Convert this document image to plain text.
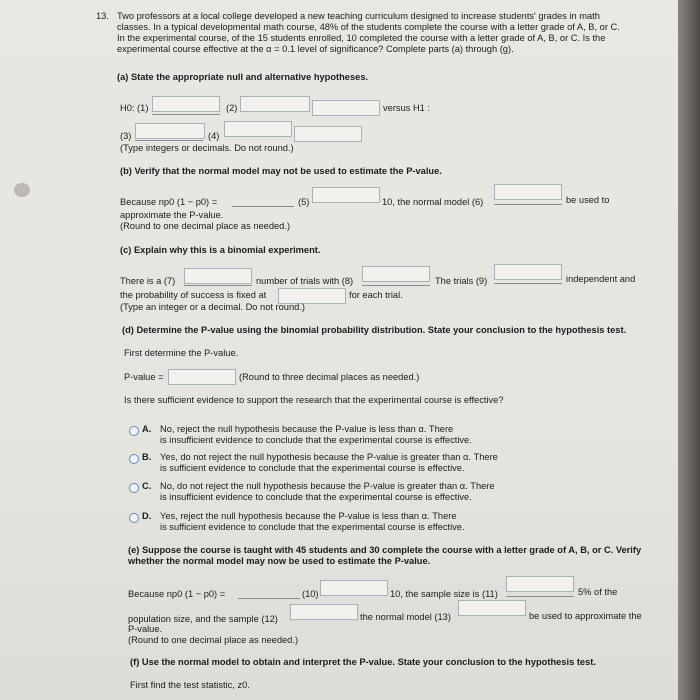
13. Two professors at a local college developed a new teaching curriculum designed to increase students' grades in math
classes. In a typical developmental math course, 48% of the students complete the course with a letter grade of A, B, or C.
In the experimental course, of the 15 students enrolled, 10 completed the course with a letter grade of A, B, or C. Is the
experimental course effective at the α = 0.1 level of significance? Complete parts (a) through (g).
(a) State the appropriate null and alternative hypotheses.
H0: (1)	(2)	versus H1 :
(3)	(4)
(Type integers or decimals. Do not round.)
(b) Verify that the normal model may not be used to estimate the P-value.
Because np0 (1 − p0) =	(5)	10, the normal model (6)	be used to
approximate the P-value.
(Round to one decimal place as needed.)
(c) Explain why this is a binomial experiment.
There is a (7)	number of trials with (8)	The trials (9)	independent and
the probability of success is fixed at	for each trial.
(Type an integer or a decimal. Do not round.)
(d) Determine the P-value using the binomial probability distribution. State your conclusion to the hypothesis test.
First determine the P-value.
P-value =	(Round to three decimal places as needed.)
Is there sufficient evidence to support the research that the experimental course is effective?
A. No, reject the null hypothesis because the P-value is less than α. There
is insufficient evidence to conclude that the experimental course is effective.
B. Yes, do not reject the null hypothesis because the P-value is greater than α. There
is sufficient evidence to conclude that the experimental course is effective.
C. No, do not reject the null hypothesis because the P-value is greater than α. There
is insufficient evidence to conclude that the experimental course is effective.
D. Yes, reject the null hypothesis because the P-value is less than α. There
is sufficient evidence to conclude that the experimental course is effective.
(e) Suppose the course is taught with 45 students and 30 complete the course with a letter grade of A, B, or C. Verify
whether the normal model may now be used to estimate the P-value.
Because np0 (1 − p0) =	(10)	10, the sample size is (11)	5% of the
population size, and the sample (12)	the normal model (13)	be used to approximate the
P-value.
(Round to one decimal place as needed.)
(f) Use the normal model to obtain and interpret the P-value. State your conclusion to the hypothesis test.
First find the test statistic, z0.
